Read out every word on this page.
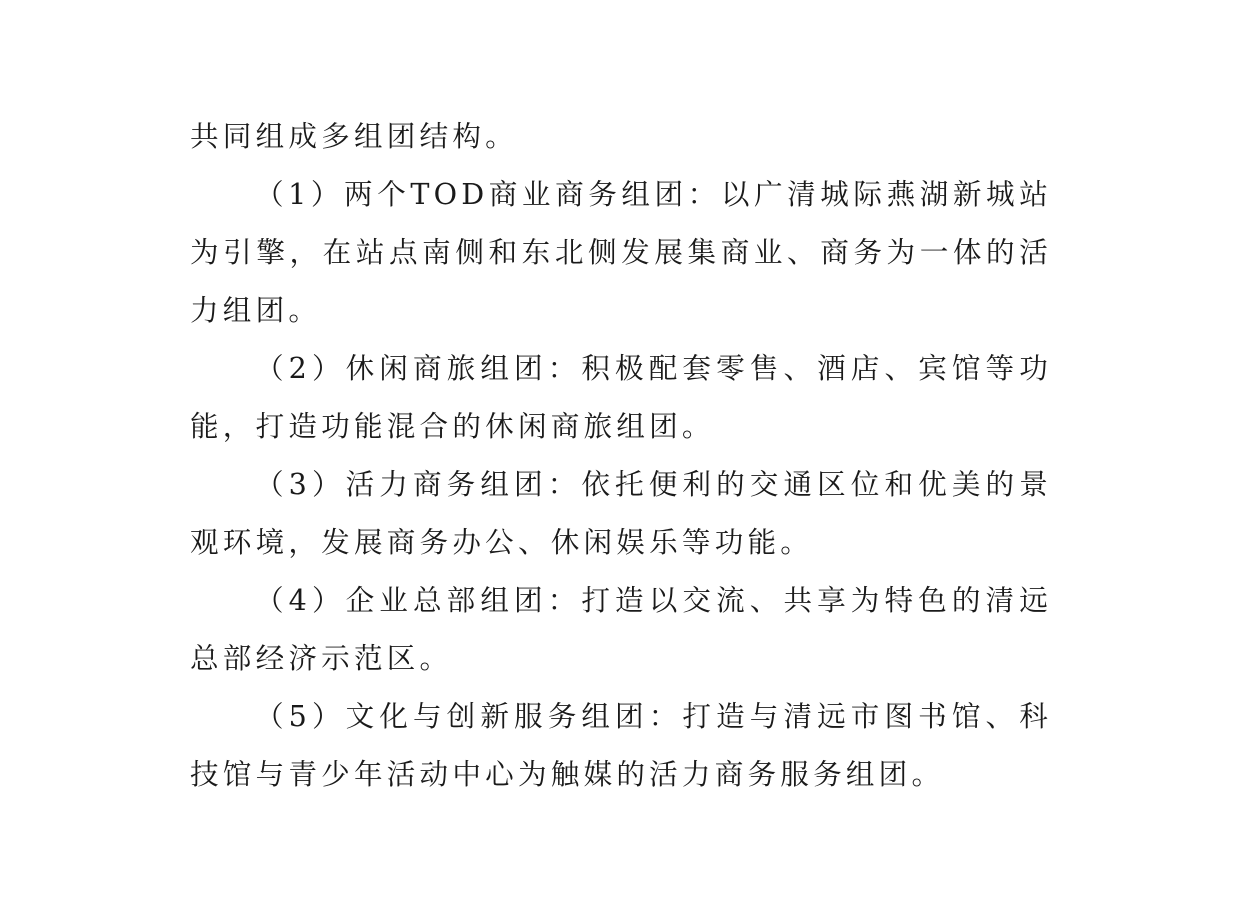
共同组成多组团结构。

（1）两个TOD商业商务组团：以广清城际燕湖新城站为引擎，在站点南侧和东北侧发展集商业、商务为一体的活力组团。

（2）休闲商旅组团：积极配套零售、酒店、宾馆等功能，打造功能混合的休闲商旅组团。

（3）活力商务组团：依托便利的交通区位和优美的景观环境，发展商务办公、休闲娱乐等功能。

（4）企业总部组团：打造以交流、共享为特色的清远总部经济示范区。

（5）文化与创新服务组团：打造与清远市图书馆、科技馆与青少年活动中心为触媒的活力商务服务组团。
